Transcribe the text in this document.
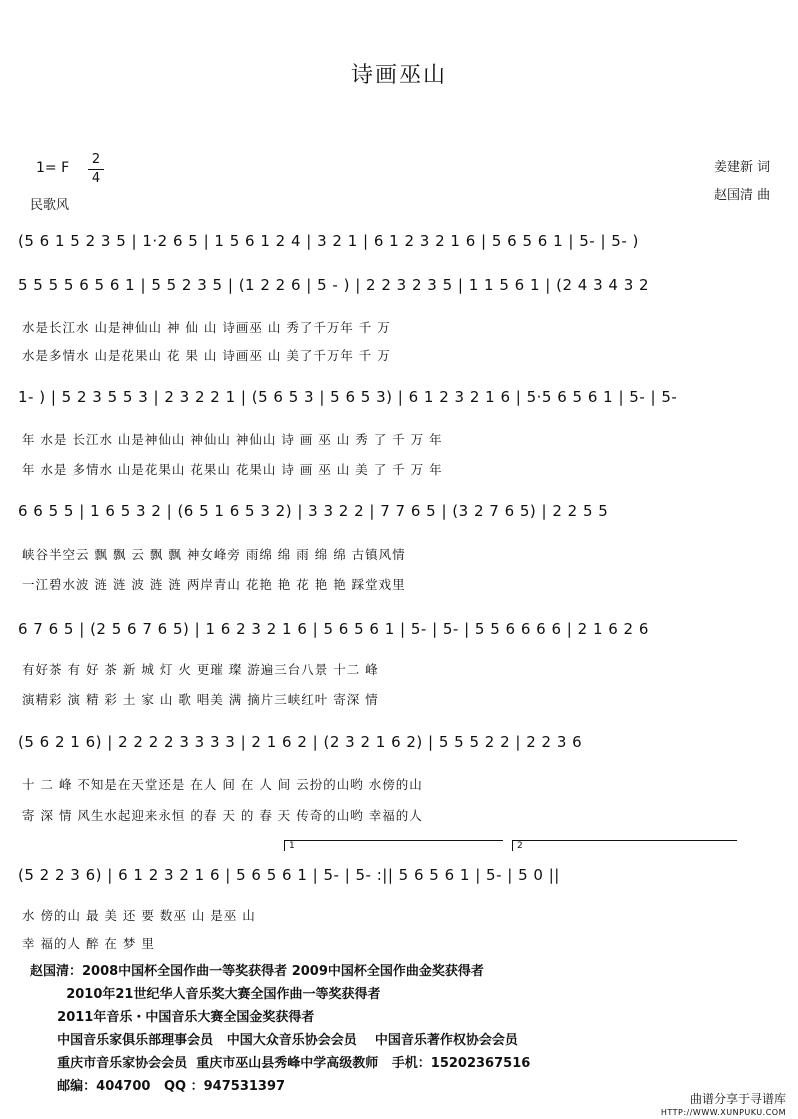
诗画巫山
1= F
2
4
民歌风
姜建新 词
赵国清 曲
(5 6 1 5 2 3 5 | 1·2 6 5 | 1 5 6 1 2 4 | 3 2 1 | 6 1 2 3 2 1 6 | 5 6 5 6 1 | 5- | 5- )
5 5 5 5 6 5 6 1 | 5 5 2 3 5 | (1 2 2 6 | 5 - ) | 2 2 3 2 3 5 | 1 1 5 6 1 | (2 4 3 4 3 2
水是长江水 山是神仙山 神 仙 山 诗画巫 山 秀了千万年 千 万
水是多情水 山是花果山 花 果 山 诗画巫 山 美了千万年 千 万
1- ) | 5 2 3 5 5 3 | 2 3 2 2 1 | (5 6 5 3 | 5 6 5 3) | 6 1 2 3 2 1 6 | 5·5 6 5 6 1 | 5- | 5-
年 水是 长江水 山是神仙山 神仙山 神仙山 诗 画 巫 山 秀 了 千 万 年
年 水是 多情水 山是花果山 花果山 花果山 诗 画 巫 山 美 了 千 万 年
6 6 5 5 | 1 6 5 3 2 | (6 5 1 6 5 3 2) | 3 3 2 2 | 7 7 6 5 | (3 2 7 6 5) | 2 2 5 5
峡谷半空云 飘 飘 云 飘 飘 神女峰旁 雨绵 绵 雨 绵 绵 古镇风情
一江碧水波 涟 涟 波 涟 涟 两岸青山 花艳 艳 花 艳 艳 踩堂戏里
6 7 6 5 | (2 5 6 7 6 5) | 1 6 2 3 2 1 6 | 5 6 5 6 1 | 5- | 5- | 5 5 6 6 6 6 | 2 1 6 2 6
有好茶 有 好 茶 新 城 灯 火 更璀 璨 游遍三台八景 十二 峰
演精彩 演 精 彩 土 家 山 歌 唱美 满 摘片三峡红叶 寄深 情
(5 6 2 1 6) | 2 2 2 2 3 3 3 3 | 2 1 6 2 | (2 3 2 1 6 2) | 5 5 5 2 2 | 2 2 3 6
十 二 峰 不知是在天堂还是 在人 间 在 人 间 云扮的山哟 水傍的山
寄 深 情 风生水起迎来永恒 的春 天 的 春 天 传奇的山哟 幸福的人
1	2
(5 2 2 3 6) | 6 1 2 3 2 1 6 | 5 6 5 6 1 | 5- | 5- :|| 5 6 5 6 1 | 5- | 5 0 ||
水 傍的山 最 美 还 要 数巫 山 是巫 山
幸 福的人 醉 在 梦 里
赵国清：2008中国杯全国作曲一等奖获得者 2009中国杯全国作曲金奖获得者
2010年21世纪华人音乐奖大赛全国作曲一等奖获得者
2011年音乐・中国音乐大赛全国金奖获得者
中国音乐家俱乐部理事会员   中国大众音乐协会会员    中国音乐著作权协会会员
重庆市音乐家协会会员  重庆市巫山县秀峰中学高级教师   手机：15202367516
邮编：404700   QQ ：947531397
曲谱分享于寻谱库
HTTP://WWW.XUNPUKU.COM
